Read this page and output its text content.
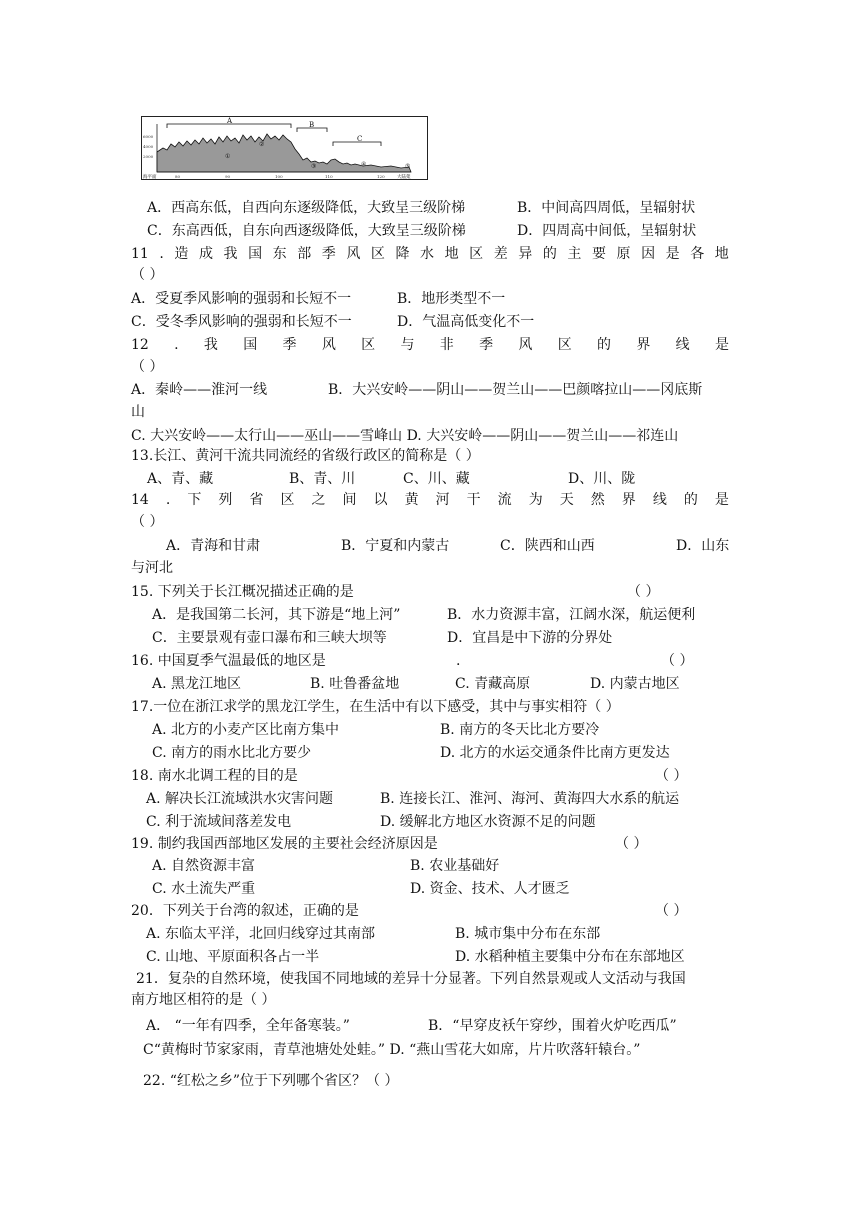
6000
4000
2000
A	B
C
①
②
③	④	⑤
海平面	80	90	100	110	120	大陆架
A．西高东低，自西向东逐级降低，大致呈三级阶梯	B．中间高四周低，呈辐射状
C．东高西低，自东向西逐级降低，大致呈三级阶梯	D．四周高中间低，呈辐射状
11 . 造 成 我 国 东 部 季 风 区 降 水 地 区 差 异 的 主 要 原 因 是 各 地
（ ）
A．受夏季风影响的强弱和长短不一	B．地形类型不一
C．受冬季风影响的强弱和长短不一	D．气温高低变化不一
12 . 我 国 季 风 区 与 非 季 风 区 的 界 线 是
（ ）
A．秦岭——淮河一线	B．大兴安岭——阴山——贺兰山——巴颜喀拉山——冈底斯
山
C. 大兴安岭——太行山——巫山——雪峰山 D. 大兴安岭——阴山——贺兰山——祁连山
13.长江、黄河干流共同流经的省级行政区的简称是（ ）
A、青、藏	B、青、川	C、川、藏	D、川、陇
14 . 下 列 省 区 之 间 以 黄 河 干 流 为 天 然 界 线 的 是
（ ）
A．青海和甘肃	B．宁夏和内蒙古	C．陕西和山西	D．山东
与河北
15. 下列关于长江概况描述正确的是	（ ）
A．是我国第二长河，其下游是“地上河”	B．水力资源丰富，江阔水深，航运便利
C．主要景观有壶口瀑布和三峡大坝等	D．宜昌是中下游的分界处
16. 中国夏季气温最低的地区是	.	（ ）
A. 黑龙江地区	B. 吐鲁番盆地	C. 青藏高原	D. 内蒙古地区
17.一位在浙江求学的黑龙江学生，在生活中有以下感受，其中与事实相符（ ）
A. 北方的小麦产区比南方集中	B. 南方的冬天比北方要冷
C. 南方的雨水比北方要少	D. 北方的水运交通条件比南方更发达
18. 南水北调工程的目的是	（ ）
A. 解决长江流域洪水灾害问题	B. 连接长江、淮河、海河、黄海四大水系的航运
C. 利于流域间落差发电	D. 缓解北方地区水资源不足的问题
19. 制约我国西部地区发展的主要社会经济原因是	（ ）
A. 自然资源丰富	B. 农业基础好
C. 水土流失严重	D. 资金、技术、人才匮乏
20．下列关于台湾的叙述，正确的是	（ ）
A. 东临太平洋，北回归线穿过其南部	B. 城市集中分布在东部
C. 山地、平原面积各占一半	D. 水稻种植主要集中分布在东部地区
21．复杂的自然环境，使我国不同地域的差异十分显著。下列自然景观或人文活动与我国
南方地区相符的是（ ）
A． “一年有四季，全年备寒装。”	B．“早穿皮袄午穿纱，围着火炉吃西瓜”
C“黄梅时节家家雨，青草池塘处处蛙。” D. “燕山雪花大如席，片片吹落轩辕台。”
22. “红松之乡”位于下列哪个省区？（ ）
